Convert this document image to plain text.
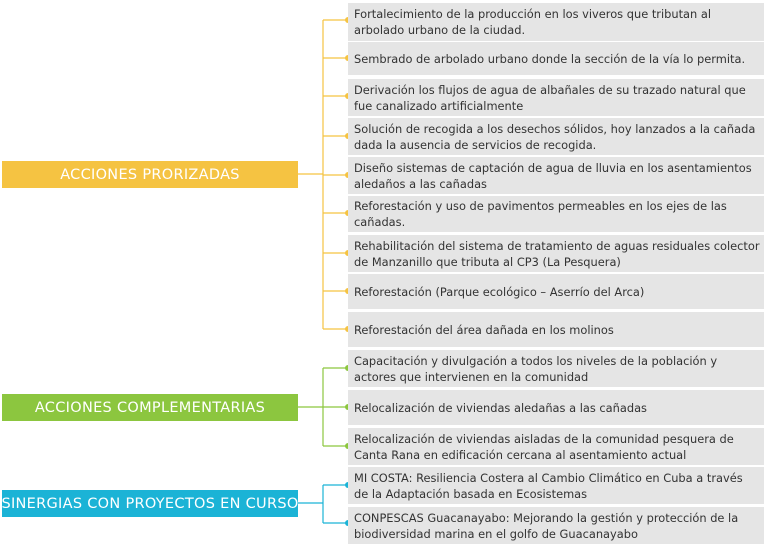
ACCIONES PRORIZADAS
ACCIONES COMPLEMENTARIAS
SINERGIAS CON PROYECTOS EN CURSO
Fortalecimiento de la producción en los viveros que tributan al arbolado urbano de la ciudad.
Sembrado de arbolado urbano donde la sección de la vía lo permita.
Derivación los flujos de agua de albañales de su trazado natural que fue canalizado artificialmente
Solución de recogida a los desechos sólidos, hoy lanzados a la cañada dada la ausencia de servicios de recogida.
Diseño sistemas de captación de agua de lluvia en los asentamientos aledaños a las cañadas
Reforestación y uso de pavimentos permeables en los ejes de las cañadas.
Rehabilitación del sistema de tratamiento de aguas residuales colector de Manzanillo que tributa al CP3 (La Pesquera)
Reforestación (Parque ecológico – Aserrío del Arca)
Reforestación del área dañada en los molinos
Capacitación y divulgación a todos los niveles de la población y actores que intervienen en la comunidad
Relocalización de viviendas aledañas a las cañadas
Relocalización de viviendas aisladas de la comunidad pesquera de Canta Rana en edificación cercana al asentamiento actual
MI COSTA: Resiliencia Costera al Cambio Climático en Cuba a través de la Adaptación basada en Ecosistemas
CONPESCAS Guacanayabo: Mejorando la gestión y protección de la biodiversidad marina en el golfo de Guacanayabo
